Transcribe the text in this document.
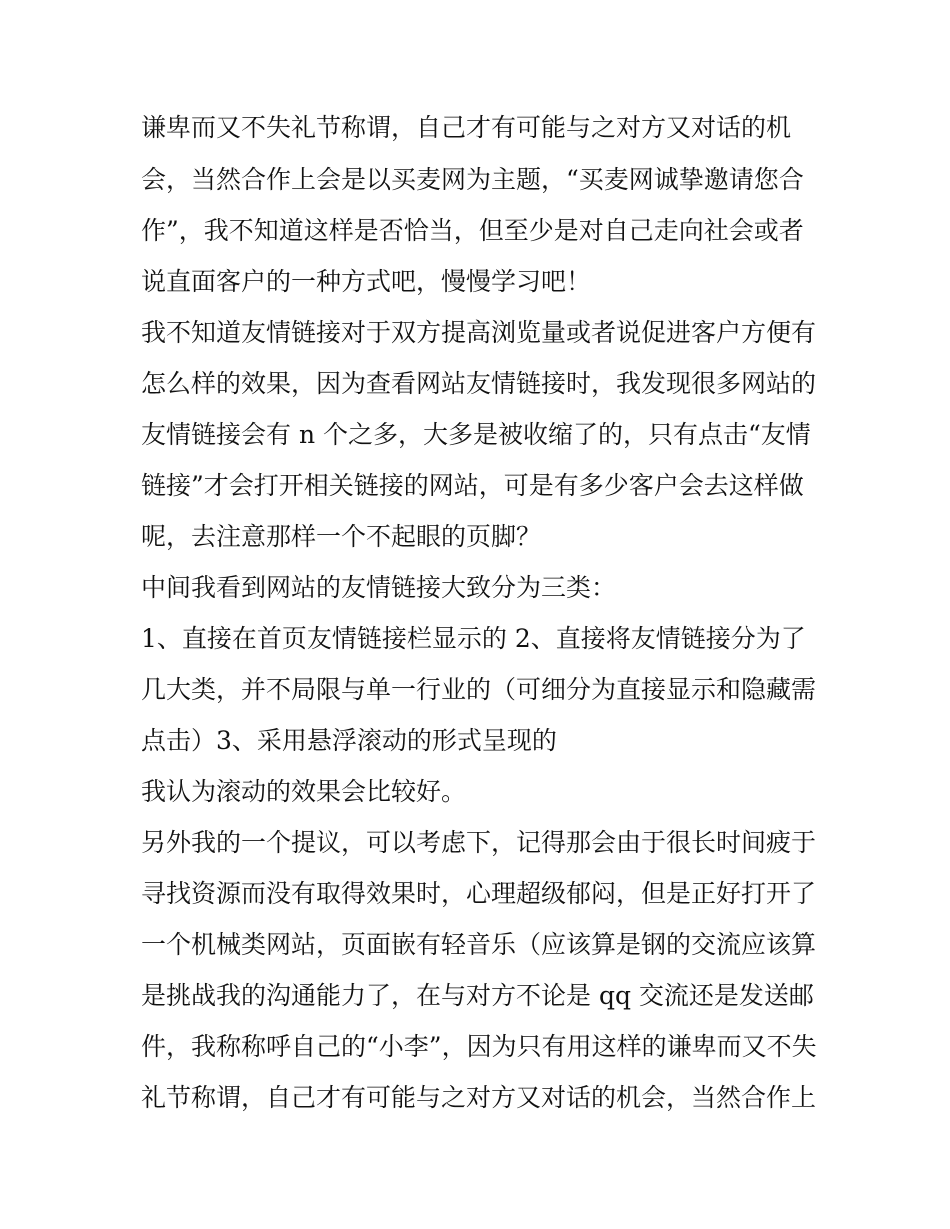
谦卑而又不失礼节称谓，自己才有可能与之对方又对话的机
会，当然合作上会是以买麦网为主题，“买麦网诚挚邀请您合
作”，我不知道这样是否恰当，但至少是对自己走向社会或者
说直面客户的一种方式吧，慢慢学习吧！
我不知道友情链接对于双方提高浏览量或者说促进客户方便有
怎么样的效果，因为查看网站友情链接时，我发现很多网站的
友情链接会有 n 个之多，大多是被收缩了的，只有点击“友情
链接”才会打开相关链接的网站，可是有多少客户会去这样做
呢，去注意那样一个不起眼的页脚？
中间我看到网站的友情链接大致分为三类：
1、直接在首页友情链接栏显示的 2、直接将友情链接分为了
几大类，并不局限与单一行业的（可细分为直接显示和隐藏需
点击）3、采用悬浮滚动的形式呈现的
我认为滚动的效果会比较好。
另外我的一个提议，可以考虑下，记得那会由于很长时间疲于
寻找资源而没有取得效果时，心理超级郁闷，但是正好打开了
一个机械类网站，页面嵌有轻音乐（应该算是钢的交流应该算
是挑战我的沟通能力了，在与对方不论是 qq 交流还是发送邮
件，我称称呼自己的“小李”，因为只有用这样的谦卑而又不失
礼节称谓，自己才有可能与之对方又对话的机会，当然合作上
